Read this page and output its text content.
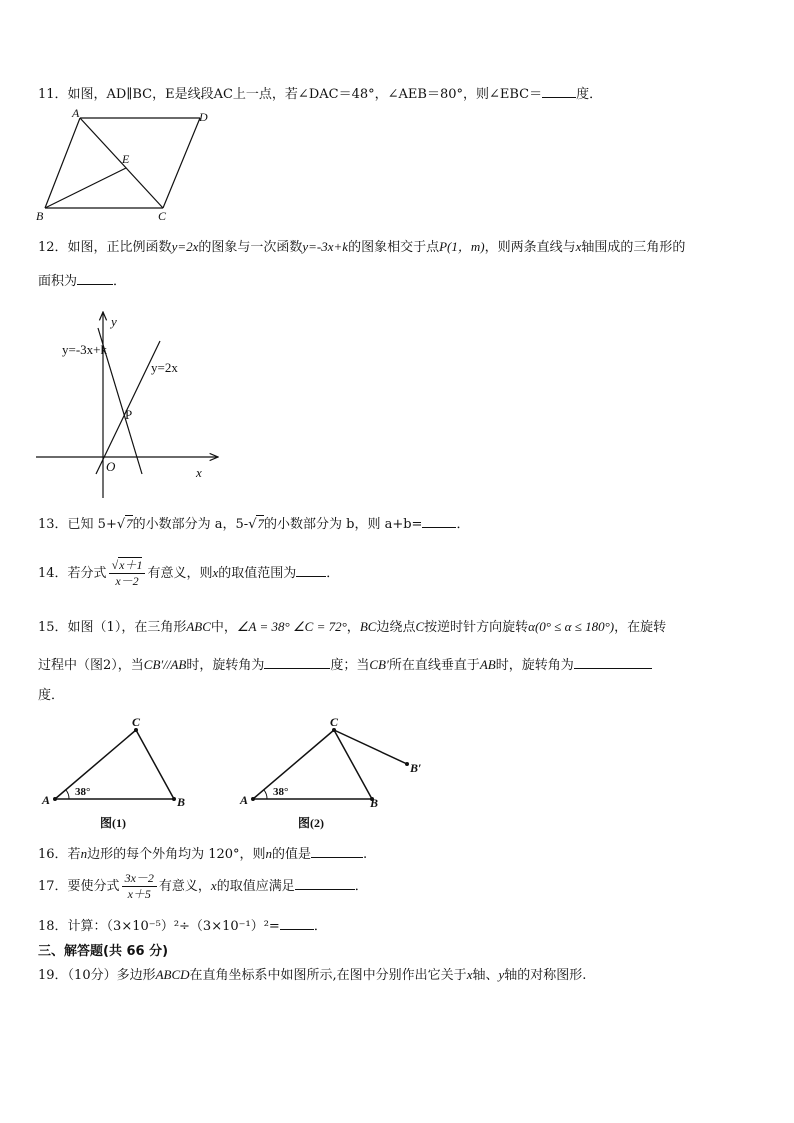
11．如图，AD∥BC，E是线段AC上一点，若∠DAC＝48°，∠AEB＝80°，则∠EBC＝	度．
A	D
E
B	C
12．如图，正比例函数y=2x的图象与一次函数y=-3x+k的图象相交于点P(1，m)，则两条直线与x轴围成的三角形的
面积为	．
y
x
O
P
y=-3x+k
y=2x
13．已知 5+√7的小数部分为 a，5-√7的小数部分为 b，则 a+b=	．
14．若分式 $\frac{√x+1}{x-2}$ 有意义，则x的取值范围为 ．
15．如图（1），在三角形ABC中，∠A = 38° ∠C = 72°，BC边绕点C按逆时针方向旋转α(0° ≤ α ≤ 180°)，在旋转
过程中（图2），当CB′//AB时，旋转角为	度；当CB′所在直线垂直于AB时，旋转角为
度．
A
C
B
38°
图(1)
A
C
B
B′
38°
图(2)
16．若n边形的每个外角均为 120°，则n的值是	.
17．要使分式 $\frac{3x-2}{x+5}$ 有意义，x的取值应满足	．
18．计算：（3×10⁻⁵）²÷（3×10⁻¹）²=	．
三、解答题(共 66 分)
19．（10分）多边形ABCD在直角坐标系中如图所示,在图中分别作出它关于x轴、y轴的对称图形.
